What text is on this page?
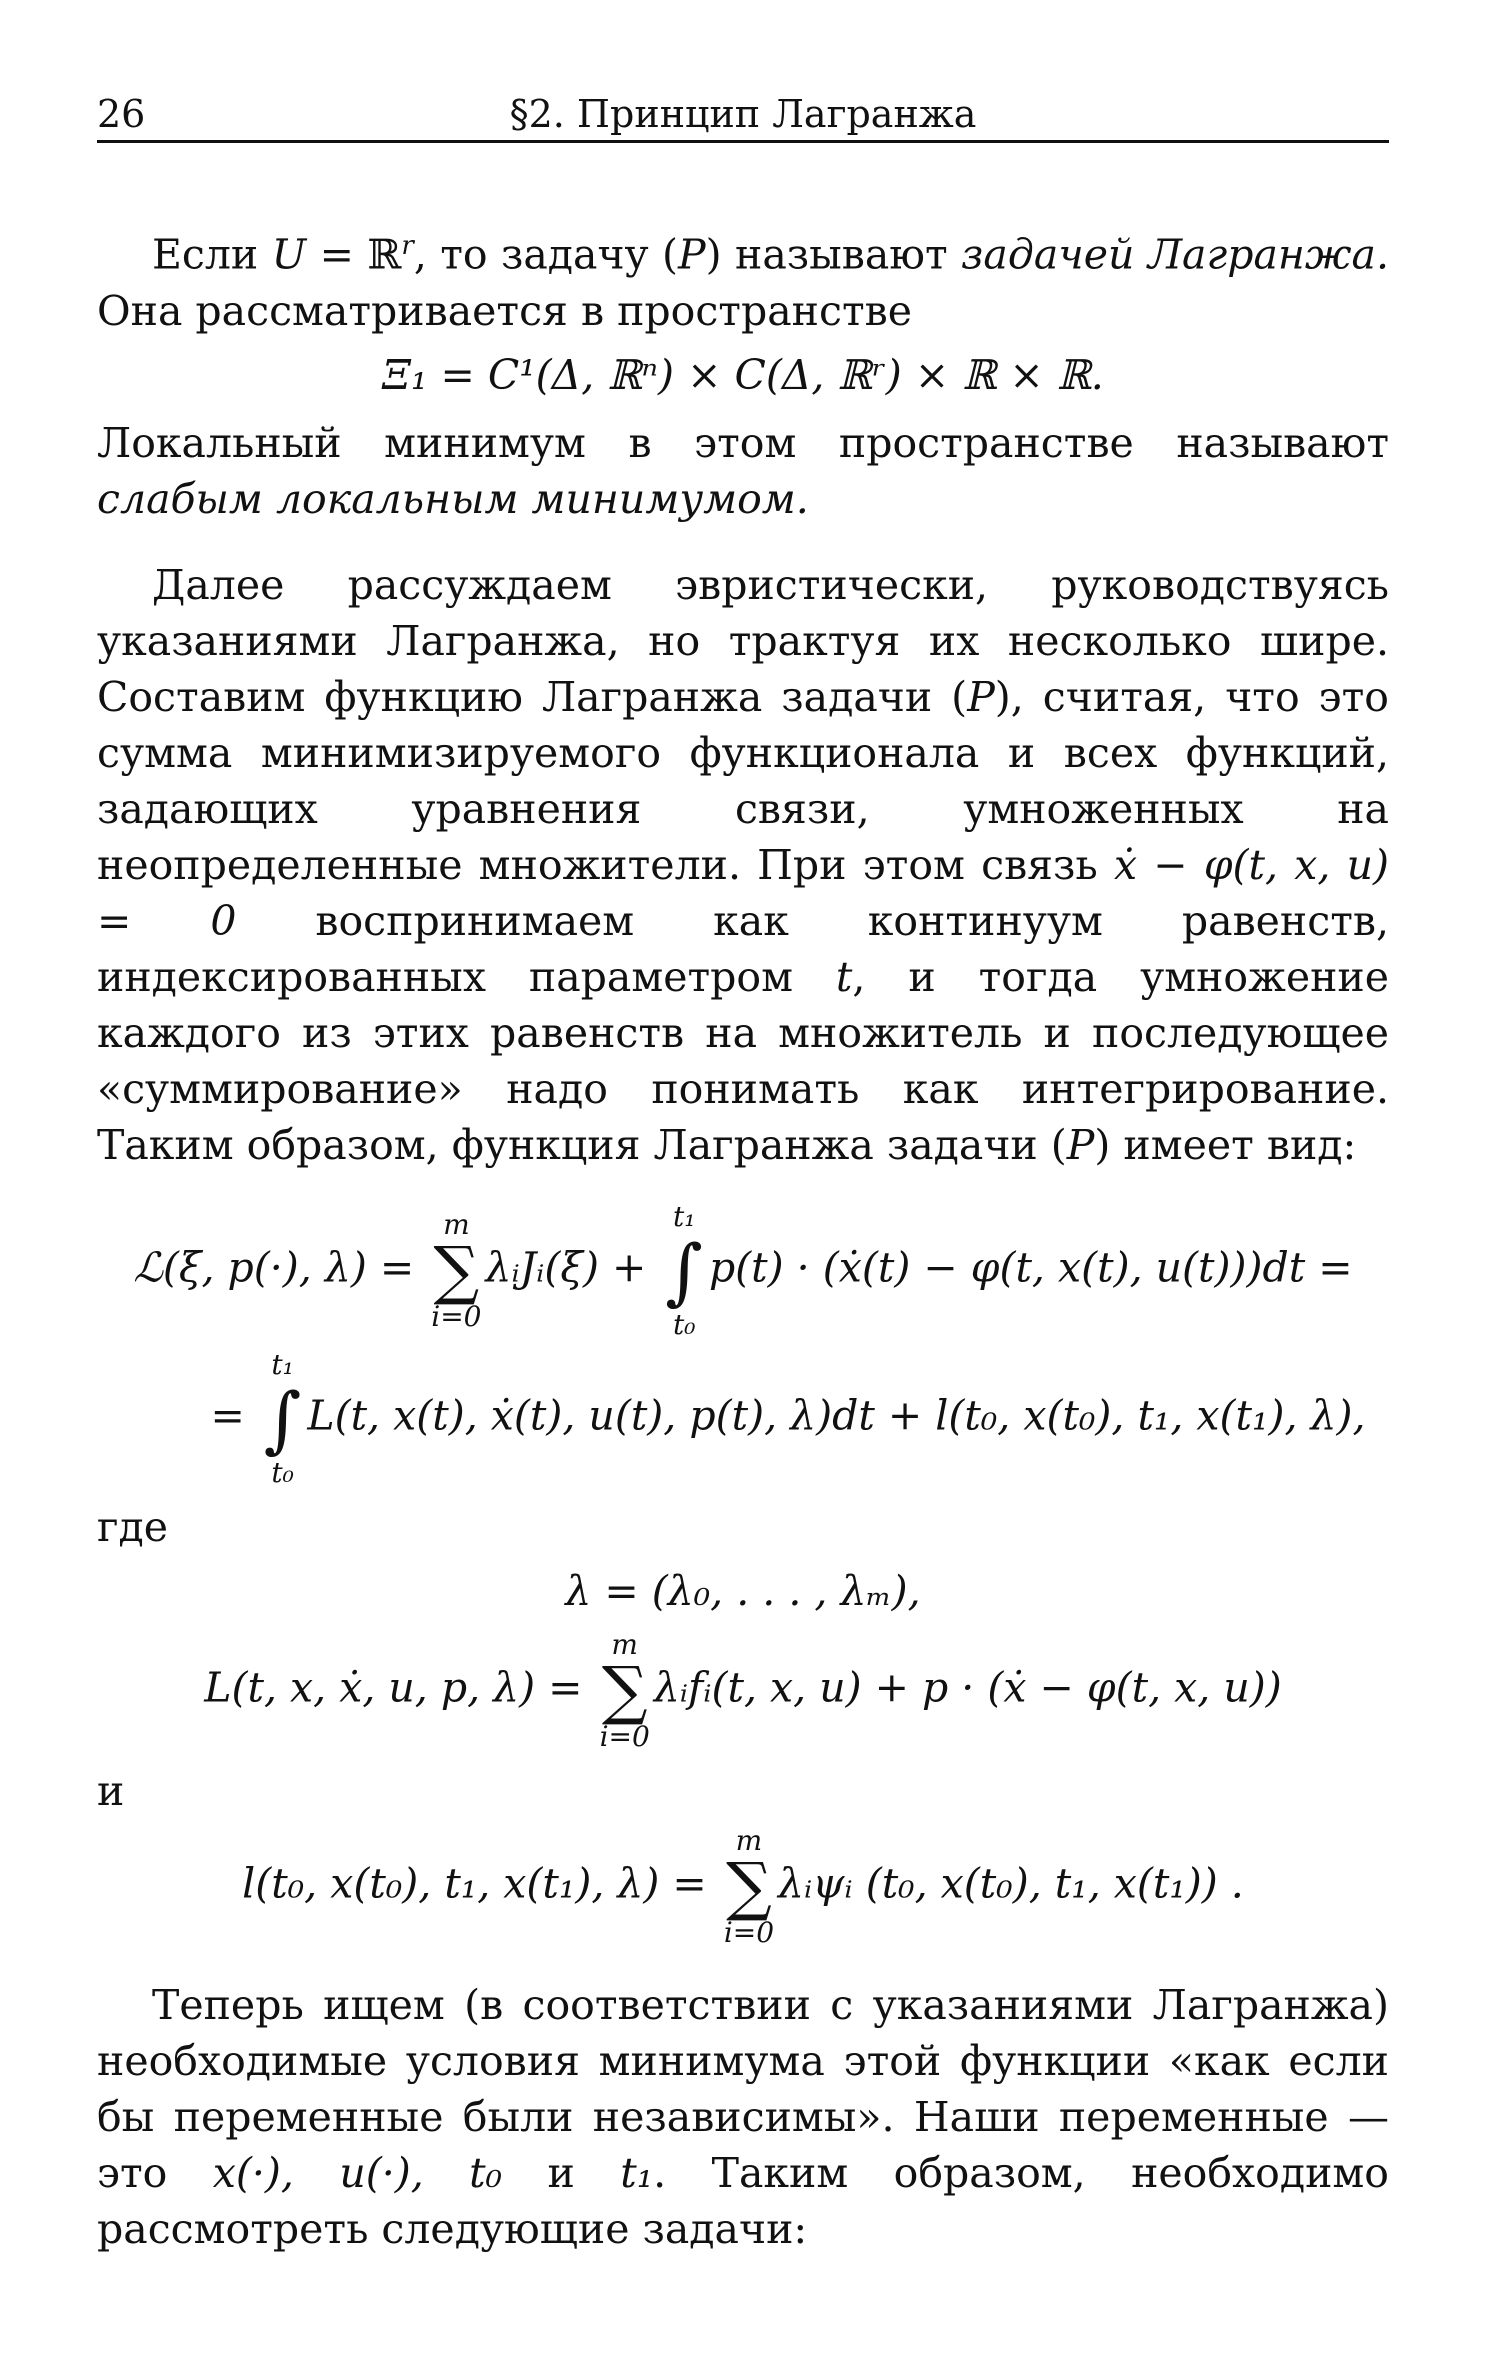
26	§2. Принцип Лагранжа

Если U = ℝ$^r$, то задачу (P) называют задачей Лагранжа. Она рассматривается в пространстве

Ξ₁ = C¹(Δ, ℝⁿ) × C(Δ, ℝʳ) × ℝ × ℝ.

Локальный минимум в этом пространстве называют слабым локальным минимумом.

Далее рассуждаем эвристически, руководствуясь указаниями Лагранжа, но трактуя их несколько шире. Составим функцию Лагранжа задачи (P), считая, что это сумма минимизируемого функционала и всех функций, задающих уравнения связи, умноженных на неопределенные множители. При этом связь ẋ − φ(t, x, u) = 0 воспринимаем как континуум равенств, индексированных параметром t, и тогда умножение каждого из этих равенств на множитель и последующее «суммирование» надо понимать как интегрирование. Таким образом, функция Лагранжа задачи (P) имеет вид:

ℒ(ξ, p(·), λ) =
m
∑
i=0
λᵢJᵢ(ξ) +
t₁
∫
t₀
p(t) · (ẋ(t) − φ(t, x(t), u(t)))dt =
=
t₁
∫
t₀
L(t, x(t), ẋ(t), u(t), p(t), λ)dt + l(t₀, x(t₀), t₁, x(t₁), λ),
где
λ = (λ₀, . . . , λₘ),
L(t, x, ẋ, u, p, λ) =
m
∑
i=0
λᵢfᵢ(t, x, u) + p · (ẋ − φ(t, x, u))
и
l(t₀, x(t₀), t₁, x(t₁), λ) =
m
∑
i=0
λᵢψᵢ (t₀, x(t₀), t₁, x(t₁)) .

Теперь ищем (в соответствии с указаниями Лагранжа) необходимые условия минимума этой функции «как если бы переменные были независимы». Наши переменные — это x(·), u(·), t₀ и t₁. Таким образом, необходимо рассмотреть следующие задачи:
